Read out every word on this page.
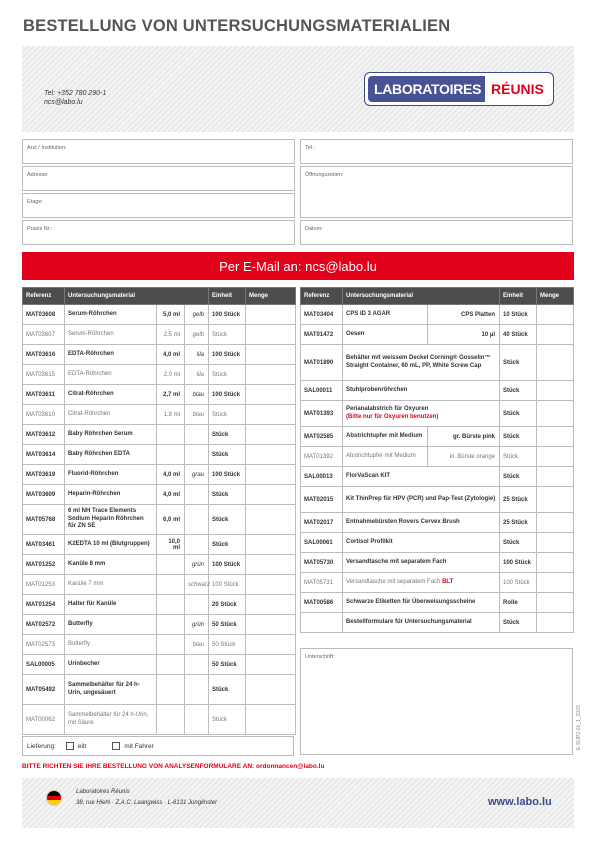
BESTELLUNG VON UNTERSUCHUNGSMATERIALIEN
Tel: +352 780 290-1
ncs@labo.lu
LABORATOIRES RÉUNIS
Arzt / Institution:	Tel.:
Adresse:	Öffnungszeiten:
Etage:
Praxis Nr.:	Datum:
Per E-Mail an: ncs@labo.lu
Referenz	Untersuchungsmaterial			Einheit	Menge
MAT03608	Serum-Röhrchen	5,0 ml	gelb	100 Stück	
MAT03607	Serum-Röhrchen	2,5 ml	gelb	Stück	
MAT03616	EDTA-Röhrchen	4,0 ml	lila	100 Stück	
MAT03615	EDTA-Röhrchen	2,0 ml	lila	Stück	
MAT03611	Citrat-Röhrchen	2,7 ml	blau	100 Stück	
MAT03610	Citrat-Röhrchen	1,8 ml	blau	Stück	
MAT03612	Baby Röhrchen Serum			Stück	
MAT03614	Baby Röhrchen EDTA			Stück	
MAT03619	Fluorid-Röhrchen	4,0 ml	grau	100 Stück	
MAT03609	Heparin-Röhrchen	4,0 ml		Stück	
MAT05768	6 ml NH Trace Elements Sodium Heparin Röhrchen für ZN SE	6,0 ml		Stück	
MAT03461	K2EDTA 10 ml (Blutgruppen)	10,0 ml		Stück	
MAT01252	Kanüle 8 mm		grün	100 Stück	
MAT01253	Kanüle 7 mm		schwarz	100 Stück	
MAT01254	Halter für Kanüle			20 Stück	
MAT02572	Butterfly		grün	50 Stück	
MAT02573	Butterfly		blau	50 Stück	
SAL00005	Urinbecher			50 Stück	
MAT05492	Sammelbehälter für 24 h-Urin, ungesäuert			Stück	
MAT00062	Sammelbehälter für 24 h-Urin, mit Säure			Stück	
Referenz	Untersuchungsmaterial		Einheit	Menge
MAT03404	CPS ID 3 AGAR	CPS Platten	10 Stück	
MAT01472	Oesen	10 µl	40 Stück	
MAT01890	Behälter mit weissem Deckel Corning® Gosselin™ Straight Container, 60 mL, PP, White Screw Cap		Stück	
SAL00011	Stuhlprobenröhrchen		Stück	
MAT01393	Perianalabstrich für Oxyuren
(Bitte nur für Oxyuren benutzen)		Stück	
MAT02585	Abstrichtupfer mit Medium	gr. Bürste pink	Stück	
MAT01392	Abstrichtupfer mit Medium	kl. Bürste orange	Stück	
SAL00013	FlorVaScan KIT		Stück	
MAT02015	Kit ThinPrep für HPV (PCR) und Pap-Test (Zytologie)		25 Stück	
MAT02017	Entnahmebürsten Rovers Cervex Brush		25 Stück	
SAL00061	Cortisol Profilkit		Stück	
MAT05730	Versandtasche mit separatem Fach		100 Stück	
MAT05731	Versandtasche mit separatem Fach BLT		100 Stück	
MAT00586	Schwarze Etiketten für Überweisungsscheine		Rolle	
	Bestellformulare für Untersuchungsmaterial		Stück	
Unterschrift:
Lieferung:	eilt	mit Fahrer
BITTE RICHTEN SIE IHRE BESTELLUNG VON ANALYSENFORMULARE AN: ordonnancen@labo.lu
E-SUP2-01_1_2023
Laboratoires Réunis
38, rue Hiehl · Z.A.C. Laangwiss · L-6131 Junglinster	www.labo.lu
